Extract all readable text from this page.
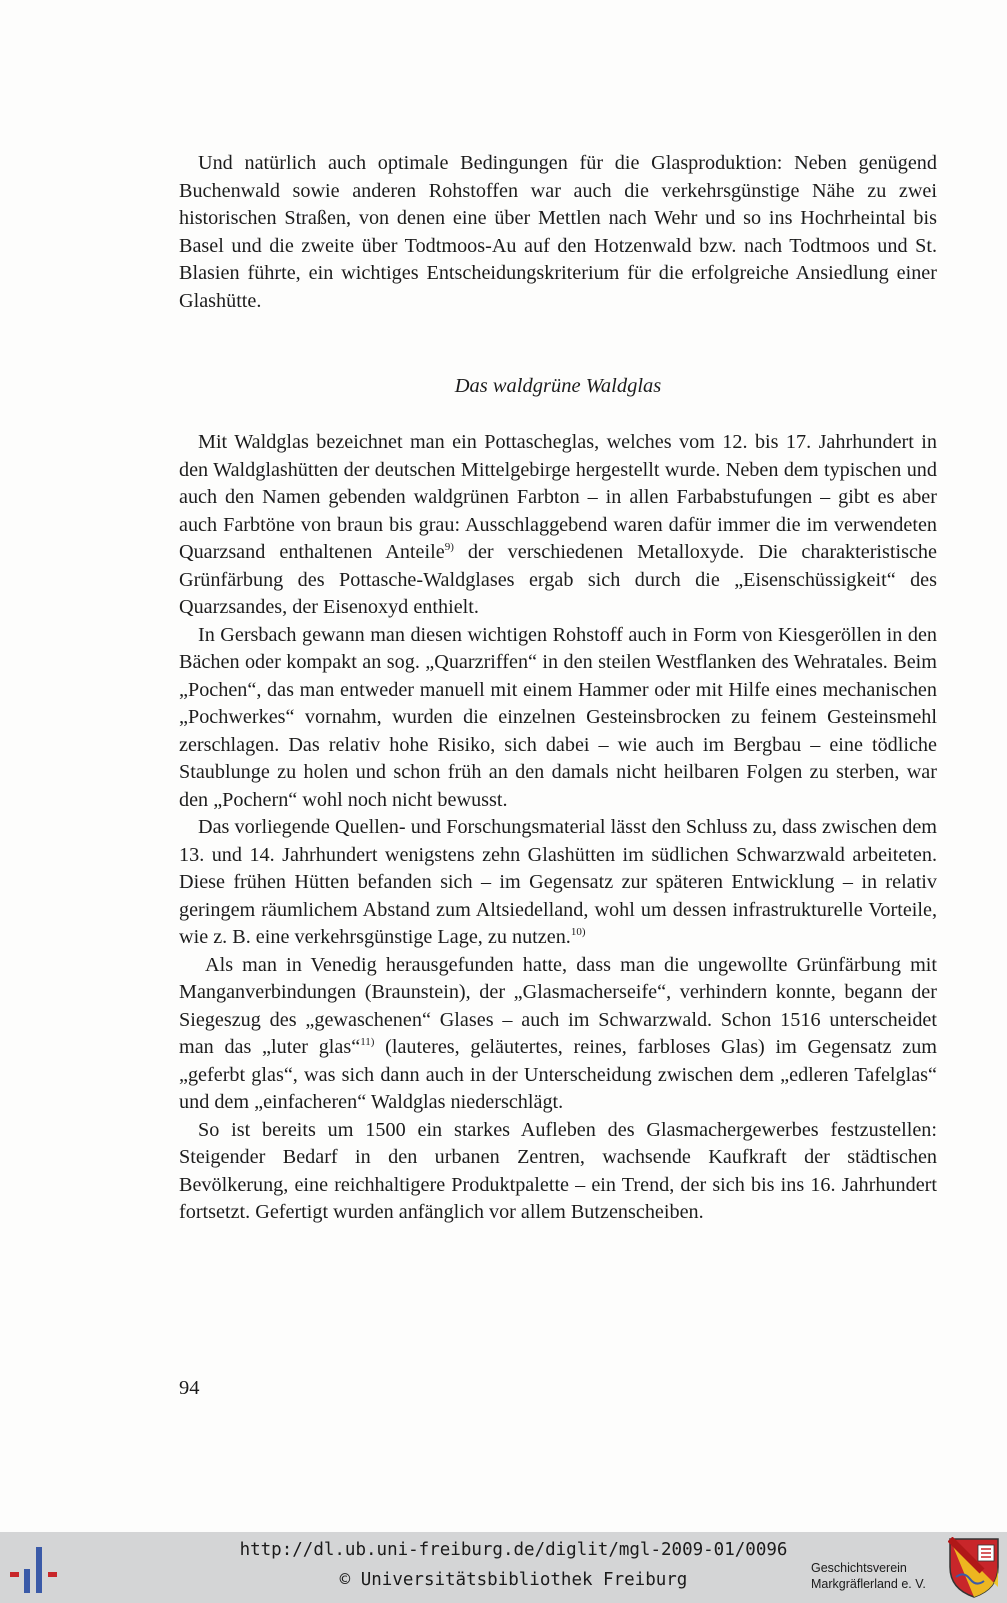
Und natürlich auch optimale Bedingungen für die Glasproduktion: Neben genügend Buchenwald sowie anderen Rohstoffen war auch die verkehrsgünstige Nähe zu zwei historischen Straßen, von denen eine über Mettlen nach Wehr und so ins Hochrheintal bis Basel und die zweite über Todtmoos-Au auf den Hotzenwald bzw. nach Todtmoos und St. Blasien führte, ein wichtiges Entscheidungskriterium für die erfolgreiche Ansiedlung einer Glashütte.

Das waldgrüne Waldglas

Mit Waldglas bezeichnet man ein Pottascheglas, welches vom 12. bis 17. Jahrhundert in den Waldglashütten der deutschen Mittelgebirge hergestellt wurde. Neben dem typischen und auch den Namen gebenden waldgrünen Farbton – in allen Farbabstufungen – gibt es aber auch Farbtöne von braun bis grau: Ausschlaggebend waren dafür immer die im verwendeten Quarzsand enthaltenen Anteile$^{9)}$ der verschiedenen Metalloxyde. Die charakteristische Grünfärbung des Pottasche-Waldglases ergab sich durch die „Eisenschüssigkeit“ des Quarzsandes, der Eisenoxyd enthielt.

In Gersbach gewann man diesen wichtigen Rohstoff auch in Form von Kiesgeröllen in den Bächen oder kompakt an sog. „Quarzriffen“ in den steilen Westflanken des Wehratales. Beim „Pochen“, das man entweder manuell mit einem Hammer oder mit Hilfe eines mechanischen „Pochwerkes“ vornahm, wurden die einzelnen Gesteinsbrocken zu feinem Gesteinsmehl zerschlagen. Das relativ hohe Risiko, sich dabei – wie auch im Bergbau – eine tödliche Staublunge zu holen und schon früh an den damals nicht heilbaren Folgen zu sterben, war den „Pochern“ wohl noch nicht bewusst.

Das vorliegende Quellen- und Forschungsmaterial lässt den Schluss zu, dass zwischen dem 13. und 14. Jahrhundert wenigstens zehn Glashütten im südlichen Schwarzwald arbeiteten. Diese frühen Hütten befanden sich – im Gegensatz zur späteren Entwicklung – in relativ geringem räumlichem Abstand zum Altsiedelland, wohl um dessen infrastrukturelle Vorteile, wie z. B. eine verkehrsgünstige Lage, zu nutzen.$^{10)}$

Als man in Venedig herausgefunden hatte, dass man die ungewollte Grünfärbung mit Manganverbindungen (Braunstein), der „Glasmacherseife“, verhindern konnte, begann der Siegeszug des „gewaschenen“ Glases – auch im Schwarzwald. Schon 1516 unterscheidet man das „luter glas“$^{11)}$ (lauteres, geläutertes, reines, farbloses Glas) im Gegensatz zum „geferbt glas“, was sich dann auch in der Unterscheidung zwischen dem „edleren Tafelglas“ und dem „einfacheren“ Waldglas niederschlägt.

So ist bereits um 1500 ein starkes Aufleben des Glasmachergewerbes festzustellen: Steigender Bedarf in den urbanen Zentren, wachsende Kaufkraft der städtischen Bevölkerung, eine reichhaltigere Produktpalette – ein Trend, der sich bis ins 16. Jahrhundert fortsetzt. Gefertigt wurden anfänglich vor allem Butzenscheiben.

94
http://dl.ub.uni-freiburg.de/diglit/mgl-2009-01/0096
© Universitätsbibliothek Freiburg
Geschichtsverein
Markgräflerland e. V.
